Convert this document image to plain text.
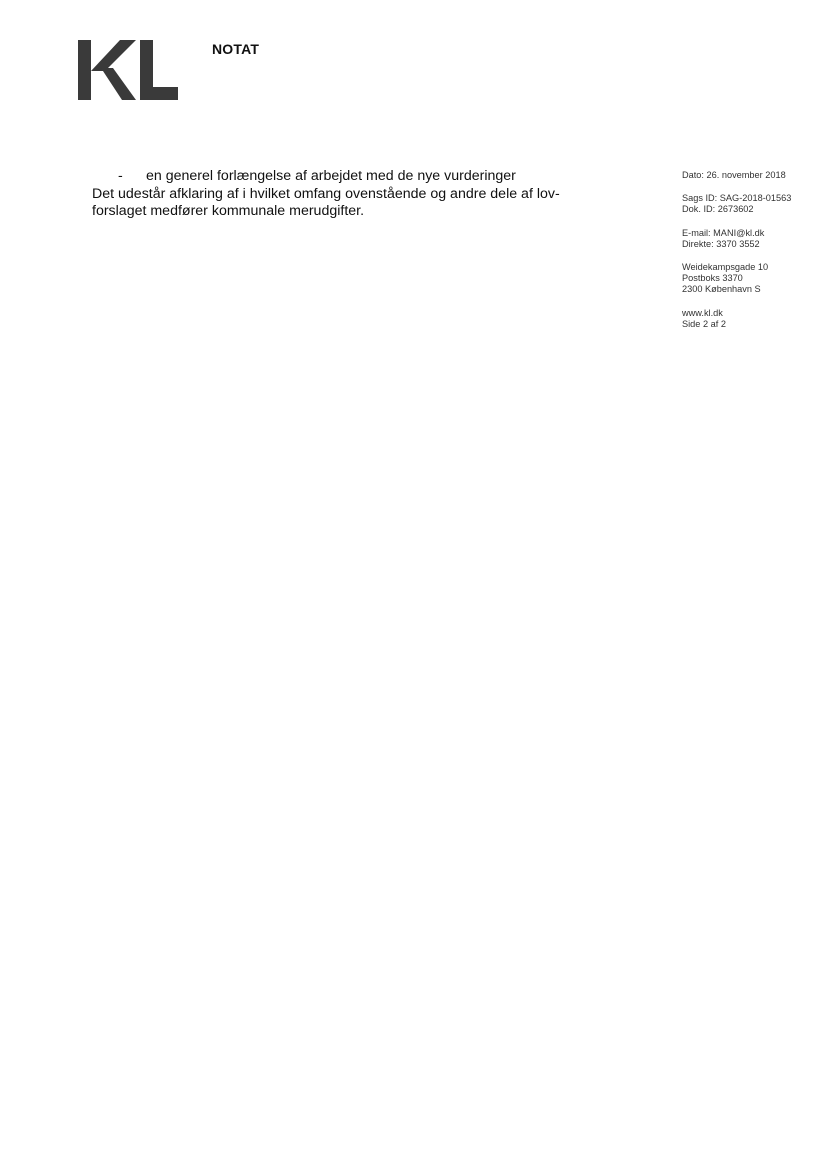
NOTAT
-	en generel forlængelse af arbejdet med de nye vurderinger

Det udestår afklaring af i hvilket omfang ovenstående og andre dele af lov-
forslaget medfører kommunale merudgifter.

Dato: 26. november 2018
Sags ID: SAG-2018-01563
Dok. ID: 2673602
E-mail: MANI@kl.dk
Direkte: 3370 3552
Weidekampsgade 10
Postboks 3370
2300 København S
www.kl.dk
Side 2 af 2
